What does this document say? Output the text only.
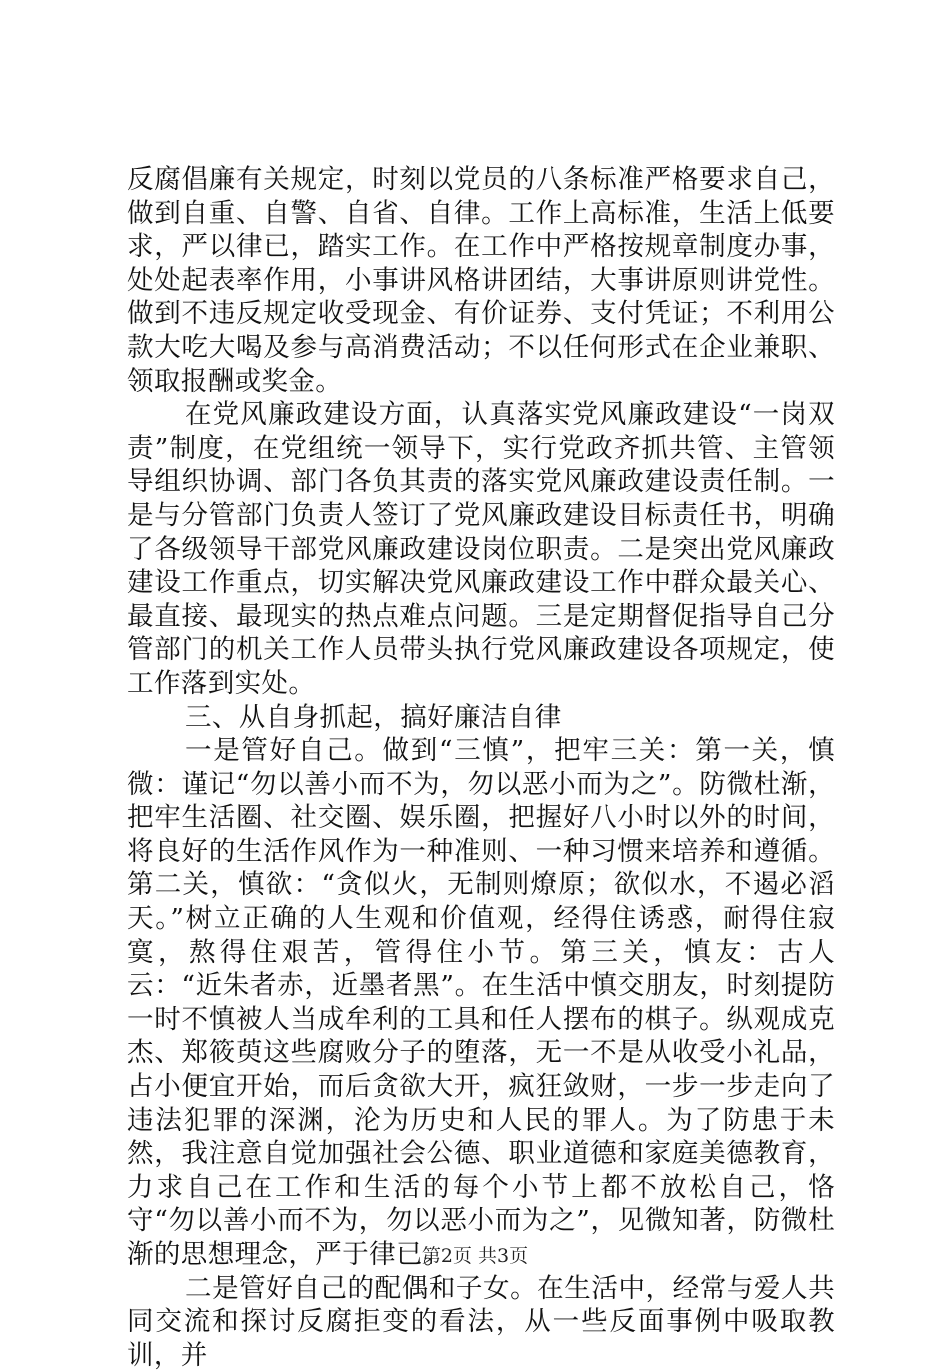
反腐倡廉有关规定，时刻以党员的八条标准严格要求自己，做到自重、自警、自省、自律。工作上高标准，生活上低要求，严以律已，踏实工作。在工作中严格按规章制度办事，处处起表率作用，小事讲风格讲团结，大事讲原则讲党性。做到不违反规定收受现金、有价证券、支付凭证；不利用公款大吃大喝及参与高消费活动；不以任何形式在企业兼职、领取报酬或奖金。

在党风廉政建设方面，认真落实党风廉政建设“一岗双责”制度，在党组统一领导下，实行党政齐抓共管、主管领导组织协调、部门各负其责的落实党风廉政建设责任制。一是与分管部门负责人签订了党风廉政建设目标责任书，明确了各级领导干部党风廉政建设岗位职责。二是突出党风廉政建设工作重点，切实解决党风廉政建设工作中群众最关心、最直接、最现实的热点难点问题。三是定期督促指导自己分管部门的机关工作人员带头执行党风廉政建设各项规定，使工作落到实处。

三、从自身抓起，搞好廉洁自律

一是管好自己。做到“三慎”，把牢三关：第一关，慎微：谨记“勿以善小而不为，勿以恶小而为之”。防微杜渐，把牢生活圈、社交圈、娱乐圈，把握好八小时以外的时间，将良好的生活作风作为一种准则、一种习惯来培养和遵循。第二关，慎欲：“贪似火，无制则燎原；欲似水，不遏必滔天。”树立正确的人生观和价值观，经得住诱惑，耐得住寂寞，熬得住艰苦，管得住小节。第三关，慎友：古人云：“近朱者赤，近墨者黑”。在生活中慎交朋友，时刻提防一时不慎被人当成牟利的工具和任人摆布的棋子。纵观成克杰、郑筱萸这些腐败分子的堕落，无一不是从收受小礼品，占小便宜开始，而后贪欲大开，疯狂敛财，一步一步走向了违法犯罪的深渊，沦为历史和人民的罪人。为了防患于未然，我注意自觉加强社会公德、职业道德和家庭美德教育，力求自己在工作和生活的每个小节上都不放松自己，恪守“勿以善小而不为，勿以恶小而为之”，见微知著，防微杜渐的思想理念，严于律已。

二是管好自己的配偶和子女。在生活中，经常与爱人共同交流和探讨反腐拒变的看法，从一些反面事例中吸取教训，并

第2页 共3页
